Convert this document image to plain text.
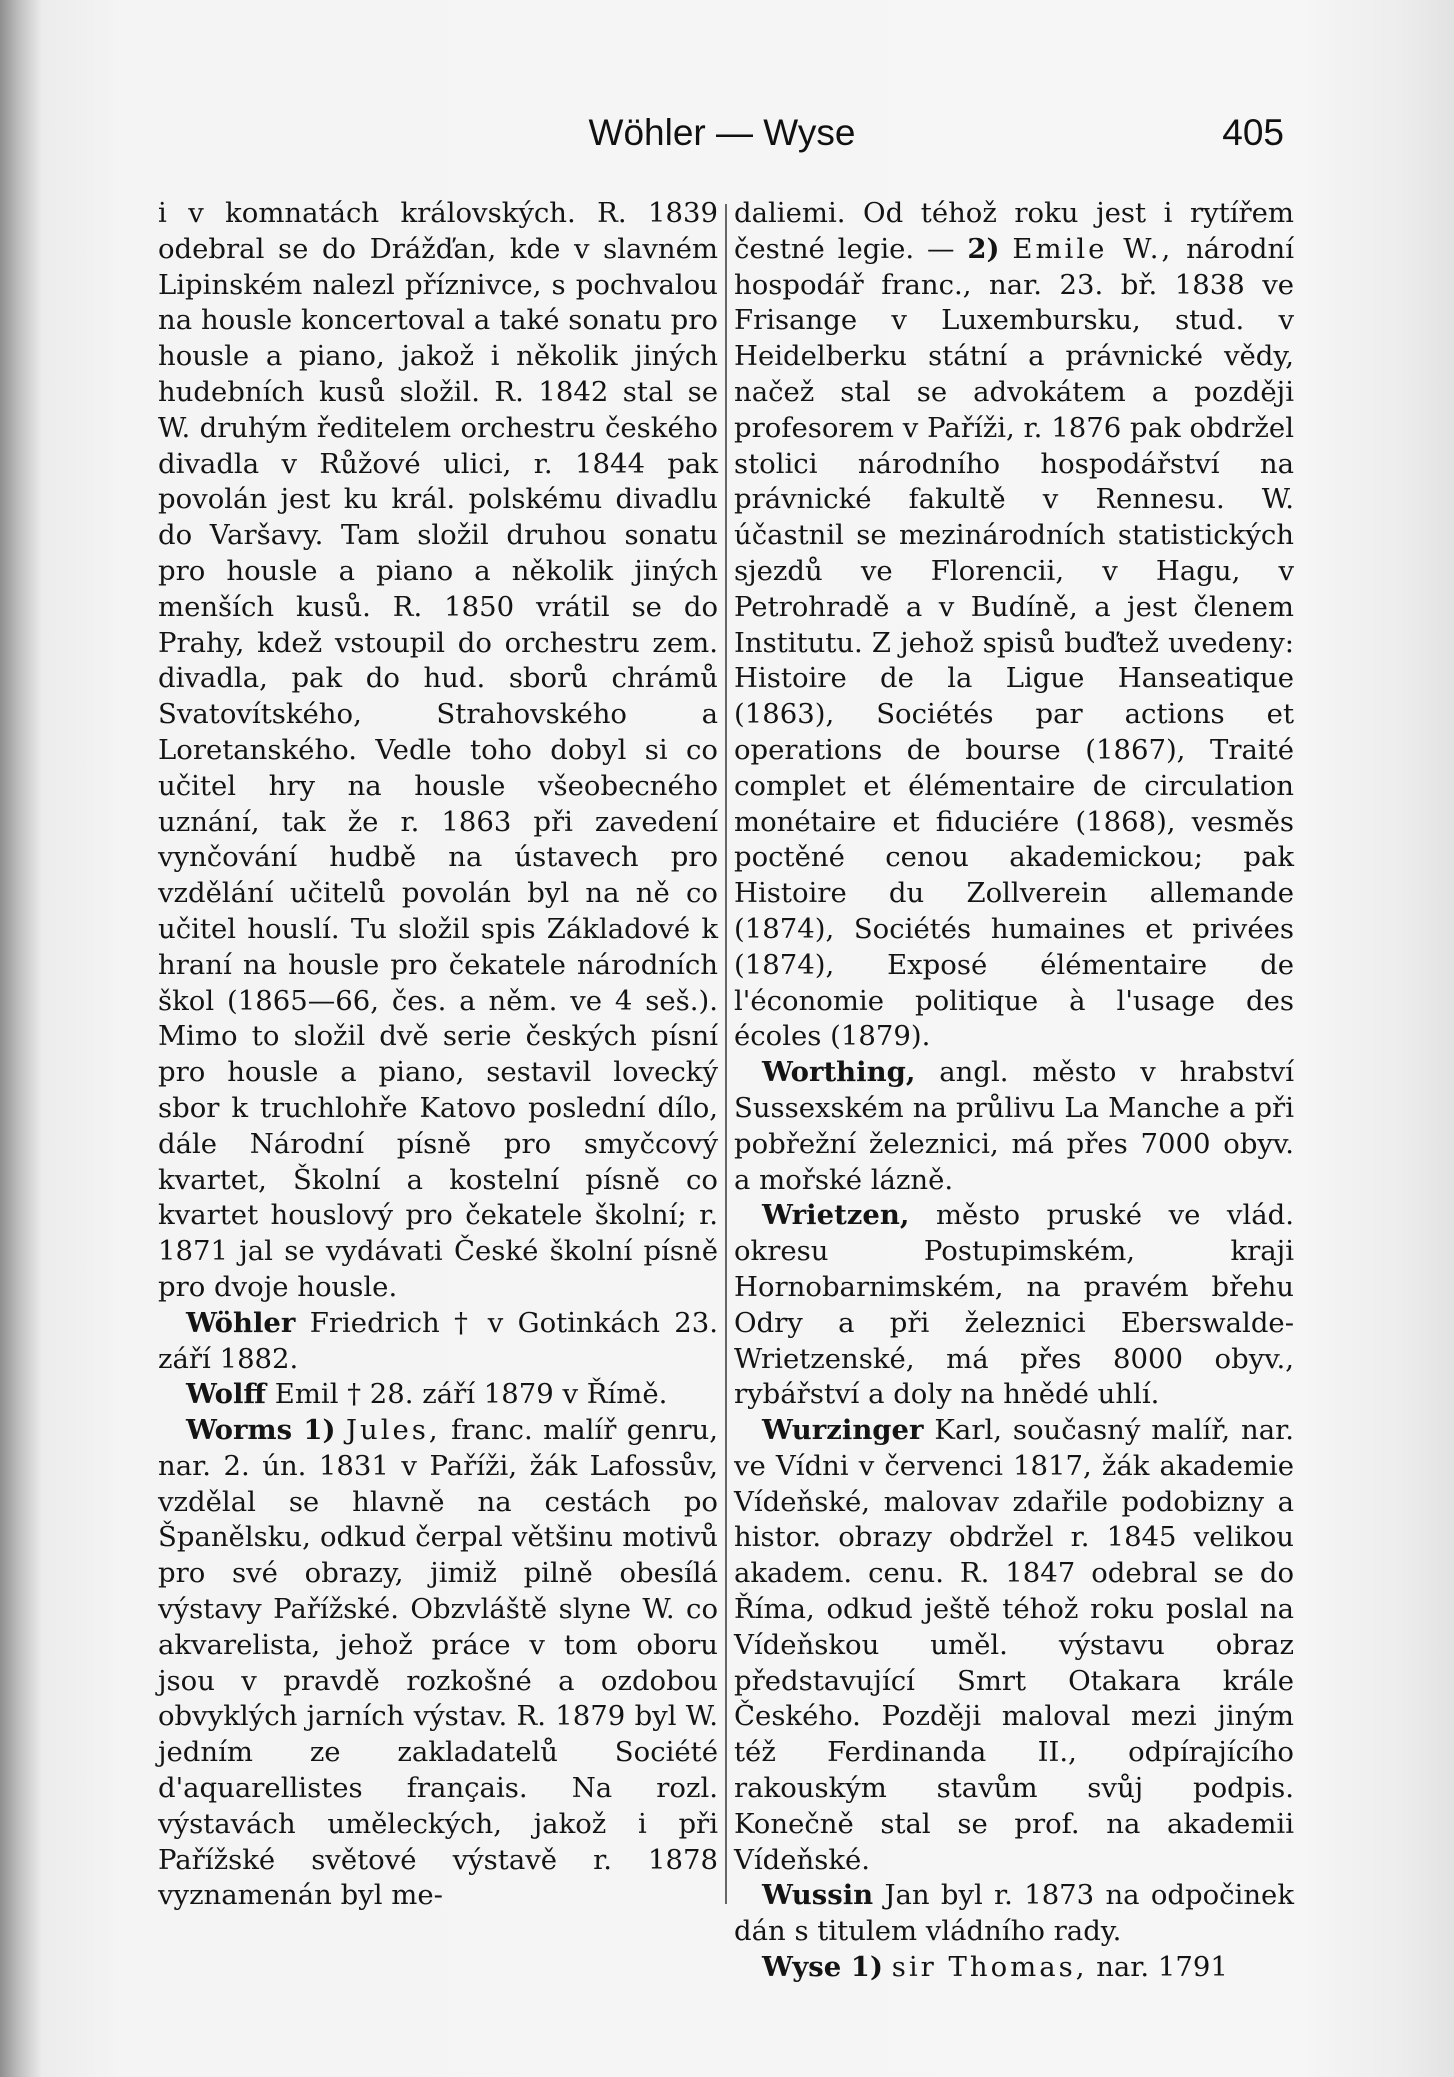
Wöhler — Wyse	405

i v komnatách královských. R. 1839 odebral se do Drážďan, kde v slavném Lipinském nalezl příznivce, s pochvalou na housle koncertoval a také sonatu pro housle a piano, jakož i několik jiných hudebních kusů složil. R. 1842 stal se W. druhým ředitelem orchestru českého divadla v Růžové ulici, r. 1844 pak povolán jest ku král. polskému divadlu do Varšavy. Tam složil druhou sonatu pro housle a piano a několik jiných menších kusů. R. 1850 vrátil se do Prahy, kdež vstoupil do orchestru zem. divadla, pak do hud. sborů chrámů Svatovítského, Strahovského a Loretanského. Vedle toho dobyl si co učitel hry na housle všeobecného uznání, tak že r. 1863 při zavedení vynčování hudbě na ústavech pro vzdělání učitelů povolán byl na ně co učitel houslí. Tu složil spis Základové k hraní na housle pro čekatele národních škol (1865—66, čes. a něm. ve 4 seš.). Mimo to složil dvě serie českých písní pro housle a piano, sestavil lovecký sbor k truchlohře Katovo poslední dílo, dále Národní písně pro smyčcový kvartet, Školní a kostelní písně co kvartet houslový pro čekatele školní; r. 1871 jal se vydávati České školní písně pro dvoje housle.

Wöhler Friedrich † v Gotinkách 23. září 1882.

Wolff Emil † 28. září 1879 v Římě.

Worms 1) Jules, franc. malíř genru, nar. 2. ún. 1831 v Paříži, žák Lafossův, vzdělal se hlavně na cestách po Španělsku, odkud čerpal většinu motivů pro své obrazy, jimiž pilně obesílá výstavy Pařížské. Obzvláště slyne W. co akvarelista, jehož práce v tom oboru jsou v pravdě rozkošné a ozdobou obvyklých jarních výstav. R. 1879 byl W. jedním ze zakladatelů Société d'aquarellistes français. Na rozl. výstavách uměleckých, jakož i při Pařížské světové výstavě r. 1878 vyznamenán byl me-

daliemi. Od téhož roku jest i rytířem čestné legie. — 2) Emile W., národní hospodář franc., nar. 23. bř. 1838 ve Frisange v Luxembursku, stud. v Heidelberku státní a právnické vědy, načež stal se advokátem a později profesorem v Paříži, r. 1876 pak obdržel stolici národního hospodářství na právnické fakultě v Rennesu. W. účastnil se mezinárodních statistických sjezdů ve Florencii, v Hagu, v Petrohradě a v Budíně, a jest členem Institutu. Z jehož spisů buďtež uvedeny: Histoire de la Ligue Hanseatique (1863), Sociétés par actions et operations de bourse (1867), Traité complet et élémentaire de circulation monétaire et fiduciére (1868), vesměs poctěné cenou akademickou; pak Histoire du Zollverein allemande (1874), Sociétés humaines et privées (1874), Exposé élémentaire de l'économie politique à l'usage des écoles (1879).

Worthing, angl. město v hrabství Sussexském na průlivu La Manche a při pobřežní železnici, má přes 7000 obyv. a mořské lázně.

Wrietzen, město pruské ve vlád. okresu Postupimském, kraji Hornobarnimském, na pravém břehu Odry a při železnici Eberswalde-Wrietzenské, má přes 8000 obyv., rybářství a doly na hnědé uhlí.

Wurzinger Karl, současný malíř, nar. ve Vídni v červenci 1817, žák akademie Vídeňské, malovav zdařile podobizny a histor. obrazy obdržel r. 1845 velikou akadem. cenu. R. 1847 odebral se do Říma, odkud ještě téhož roku poslal na Vídeňskou uměl. výstavu obraz představující Smrt Otakara krále Českého. Později maloval mezi jiným též Ferdinanda II., odpírajícího rakouským stavům svůj podpis. Konečně stal se prof. na akademii Vídeňské.

Wussin Jan byl r. 1873 na odpočinek dán s titulem vládního rady.

Wyse 1) sir Thomas, nar. 1791
